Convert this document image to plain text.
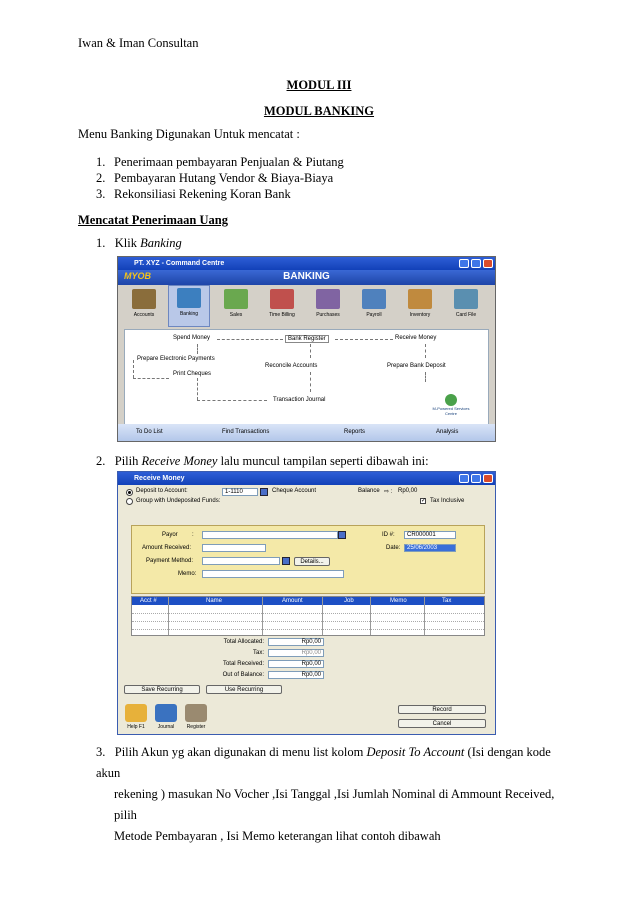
Iwan & Iman Consultan
MODUL III
MODUL BANKING
Menu Banking Digunakan Untuk mencatat :
1. Penerimaan pembayaran Penjualan & Piutang
2. Pembayaran Hutang Vendor & Biaya-Biaya
3. Rekonsiliasi Rekening Koran Bank
Mencatat Penerimaan Uang
1. Klik Banking
PT. XYZ - Command Centre
MYOB	BANKING
Accounts	Banking	Sales	Time Billing	Purchases	Payroll	Inventory	Card File
Spend Money	Bank Register	Receive Money
Prepare Electronic Payments
Print Cheques
Reconcile Accounts	Prepare Bank Deposit
Transaction Journal
M-Powered Services Centre
To Do List	Find Transactions	Reports	Analysis
2. Pilih Receive Money lalu muncul tampilan seperti dibawah ini:
Receive Money
Deposit to Account:	1-1110	Cheque Account	Balance ⇨ : Rp0,00
Group with Undeposited Funds:	✓ Tax Inclusive
Payor :
Amount Received:
Payment Method:	Details...
Memo:
ID #:	CR000001
Date:	25/06/2003
Acct #	Name	Amount	Job	Memo	Tax
Total Allocated:	Rp0,00
Tax:	Rp0,00
Total Received:	Rp0,00
Out of Balance:	Rp0,00
Save Recurring	Use Recurring
Help F1	Journal	Register
Record
Cancel
3. Pilih Akun yg akan digunakan di menu list kolom Deposit To Account (Isi dengan kode akun
rekening ) masukan No Vocher ,Isi Tanggal ,Isi Jumlah Nominal di Ammount Received, pilih
Metode Pembayaran , Isi Memo keterangan lihat contoh dibawah
